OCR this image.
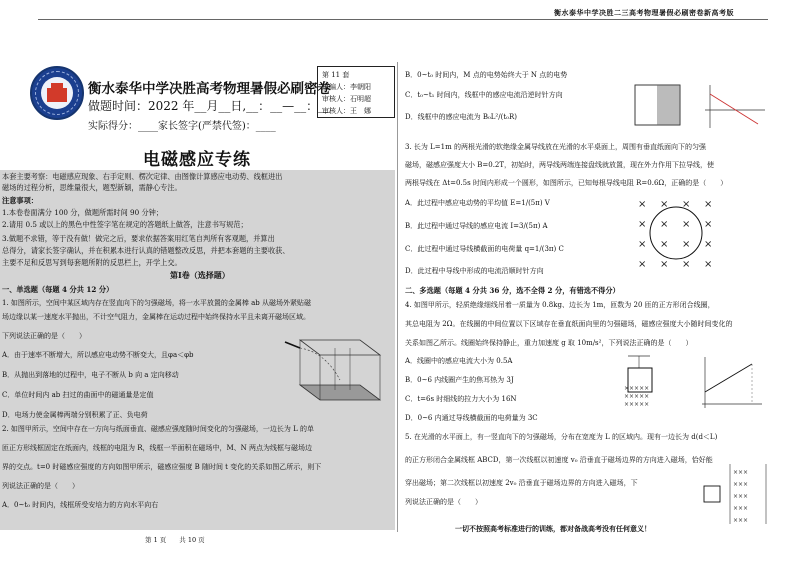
衡水泰华中学决胜二三高考物理暑假必刷密卷新高考版
衡水泰华中学决胜高考物理暑假必刷密卷
做题时间：2022 年__月__日,__：__—__：__
实际得分：____家长签字(严禁代签)：____
第 11 套
组编人：李朝阳
审核人：石明超
审核人：王　娜
电磁感应专练
本套主要考察：电磁感应现象、右手定则、楞次定律、由图像计算感应电动势、线框进出
磁场的过程分析，思维量很大，题型新颖，需静心专注。
注意事项：
1.本卷卷面满分 100 分，做题所需时间 90 分钟；
2.请用 0.5 或以上的黑色中性签字笔在规定的答题纸上做答，注意书写规范；
3.做题不求错，等于没有做！做完之后，要求依据答案用红笔自判所有客观题，并算出
总得分，请家长签字确认，并在积累本进行认真的错题整改反思，并把本套题的主要收获、
主要不足和反思写到每套题所附的反思栏上，开学上交。
第Ⅰ卷（选择题）
一、单选题（每题 4 分共 12 分）
1. 如图所示，空间中某区域内存在竖直向下的匀强磁场，将一水平放置的金属棒 ab 从磁场外紧贴磁
场边缘以某一速度水平抛出，不计空气阻力，金属棒在运动过程中始终保持水平且未离开磁场区域。
下列说法正确的是（　　）
A．由于速率不断增大，所以感应电动势不断变大，且φa＜φb
B．从抛出到落地的过程中，电子不断从 b 向 a 定向移动
C．单位时间内 ab 扫过的曲面中的磁通量是定值
D．电场力使金属棒两端分别积累了正、负电荷
2. 如图甲所示，空间中存在一方向与纸面垂直、磁感应强度随时间变化的匀强磁场，一边长为 L 的单
匝正方形线框固定在纸面内，线框的电阻为 R，线框一半面积在磁场中，M、N 两点为线框与磁场边
界的交点。t=0 时磁感应强度的方向如图甲所示，磁感应强度 B 随时间 t 变化的关系如图乙所示，则下
列说法正确的是（　　）
A．0~t₀ 时间内，线框所受安培力的方向水平向右
第 1 页　　共 10 页
B．0~t₀ 时间内，M 点的电势始终大于 N 点的电势
C．t₀~t₁ 时间内，线框中的感应电流沿逆时针方向
D．线框中的感应电流为 B₀L²/(t₀R)
3. 长为 L=1m 的两根光滑的软绝缘金属导线放在光滑的水平桌面上，周围有垂直纸面向下的匀强
磁场，磁感应强度大小 B=0.2T，初始时，两导线两端连接盘线就放置，现在外力作用下拉导线，使
两根导线在 Δt=0.5s 时间内形成一个圆形，如图所示，已知每根导线电阻 R=0.6Ω，正确的是（　　）
A．此过程中感应电动势的平均值 E=1/(5π) V
B．此过程中通过导线的感应电流 I=3/(5π) A
C．此过程中通过导线横截面的电荷量 q=1/(3π) C
D．此过程中导线中形成的电流沿顺时针方向
× × × ×
× × × ×
× × × ×
× × × ×
二、多选题（每题 4 分共 36 分，选不全得 2 分，有错选不得分）
4. 如图甲所示，轻质绝缘细线吊着一质量为 0.8kg、边长为 1m，匝数为 20 匝的正方形闭合线圈，
其总电阻为 2Ω。在线圈的中间位置以下区域存在垂直纸面向里的匀强磁场，磁感应强度大小随时间变化的
关系如图乙所示。线圈始终保持静止，重力加速度 g 取 10m/s²，下列说法正确的是（　　）
A．线圈中的感应电流大小为 0.5A
B．0~6 内线圈产生的焦耳热为 3J
C．t=6s 时细线的拉力大小为 16N
D．0~6 内通过导线横截面的电荷量为 3C
×××××
×××××
×××××
5. 在光滑的水平面上，有一竖直向下的匀强磁场，分布在宽度为 L 的区域内。现有一边长为 d(d＜L)
的正方形闭合金属线框 ABCD，第一次线框以初速度 v₀ 沿垂直于磁场边界的方向进入磁场，恰好能
穿出磁场；第二次线框以初速度 2v₀ 沿垂直于磁场边界的方向进入磁场，下
列说法正确的是（　　）
×××
×××
×××
×××
×××
一切不按照高考标准进行的训练，都对备战高考没有任何意义！
